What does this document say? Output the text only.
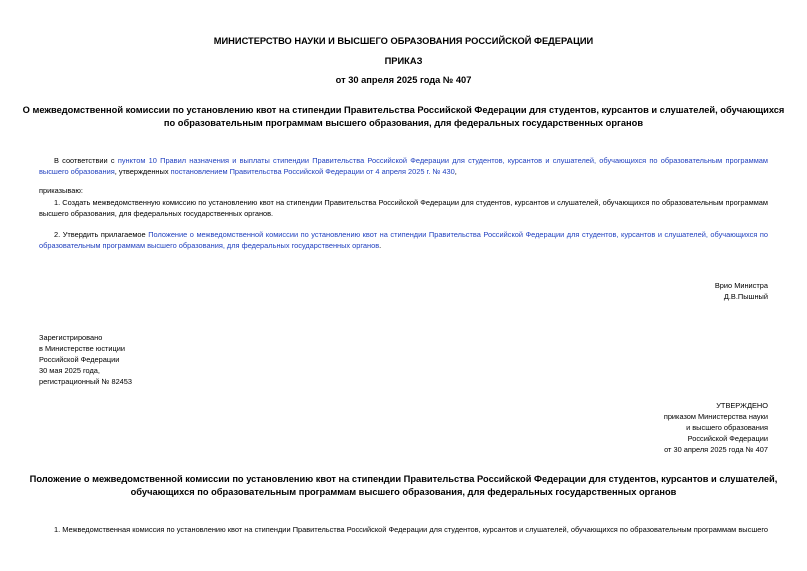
МИНИСТЕРСТВО НАУКИ И ВЫСШЕГО ОБРАЗОВАНИЯ РОССИЙСКОЙ ФЕДЕРАЦИИ
ПРИКАЗ
от 30 апреля 2025 года № 407
О межведомственной комиссии по установлению квот на стипендии Правительства Российской Федерации для студентов, курсантов и слушателей, обучающихся
по образовательным программам высшего образования, для федеральных государственных органов
В соответствии с пунктом 10 Правил назначения и выплаты стипендии Правительства Российской Федерации для студентов, курсантов и слушателей, обучающихся по образовательным программам высшего образования, утвержденных постановлением Правительства Российской Федерации от 4 апреля 2025 г. № 430,
приказываю:
1. Создать межведомственную комиссию по установлению квот на стипендии Правительства Российской Федерации для студентов, курсантов и слушателей, обучающихся по образовательным программам высшего образования, для федеральных государственных органов.
2. Утвердить прилагаемое Положение о межведомственной комиссии по установлению квот на стипендии Правительства Российской Федерации для студентов, курсантов и слушателей, обучающихся по образовательным программам высшего образования, для федеральных государственных органов.
Врио Министра
Д.В.Пышный
Зарегистрировано
в Министерстве юстиции
Российской Федерации
30 мая 2025 года,
регистрационный № 82453
УТВЕРЖДЕНО
приказом Министерства науки
и высшего образования
Российской Федерации
от 30 апреля 2025 года № 407
Положение о межведомственной комиссии по установлению квот на стипендии Правительства Российской Федерации для студентов, курсантов и слушателей,
обучающихся по образовательным программам высшего образования, для федеральных государственных органов
1. Межведомственная комиссия по установлению квот на стипендии Правительства Российской Федерации для студентов, курсантов и слушателей, обучающихся по образовательным программам высшего
